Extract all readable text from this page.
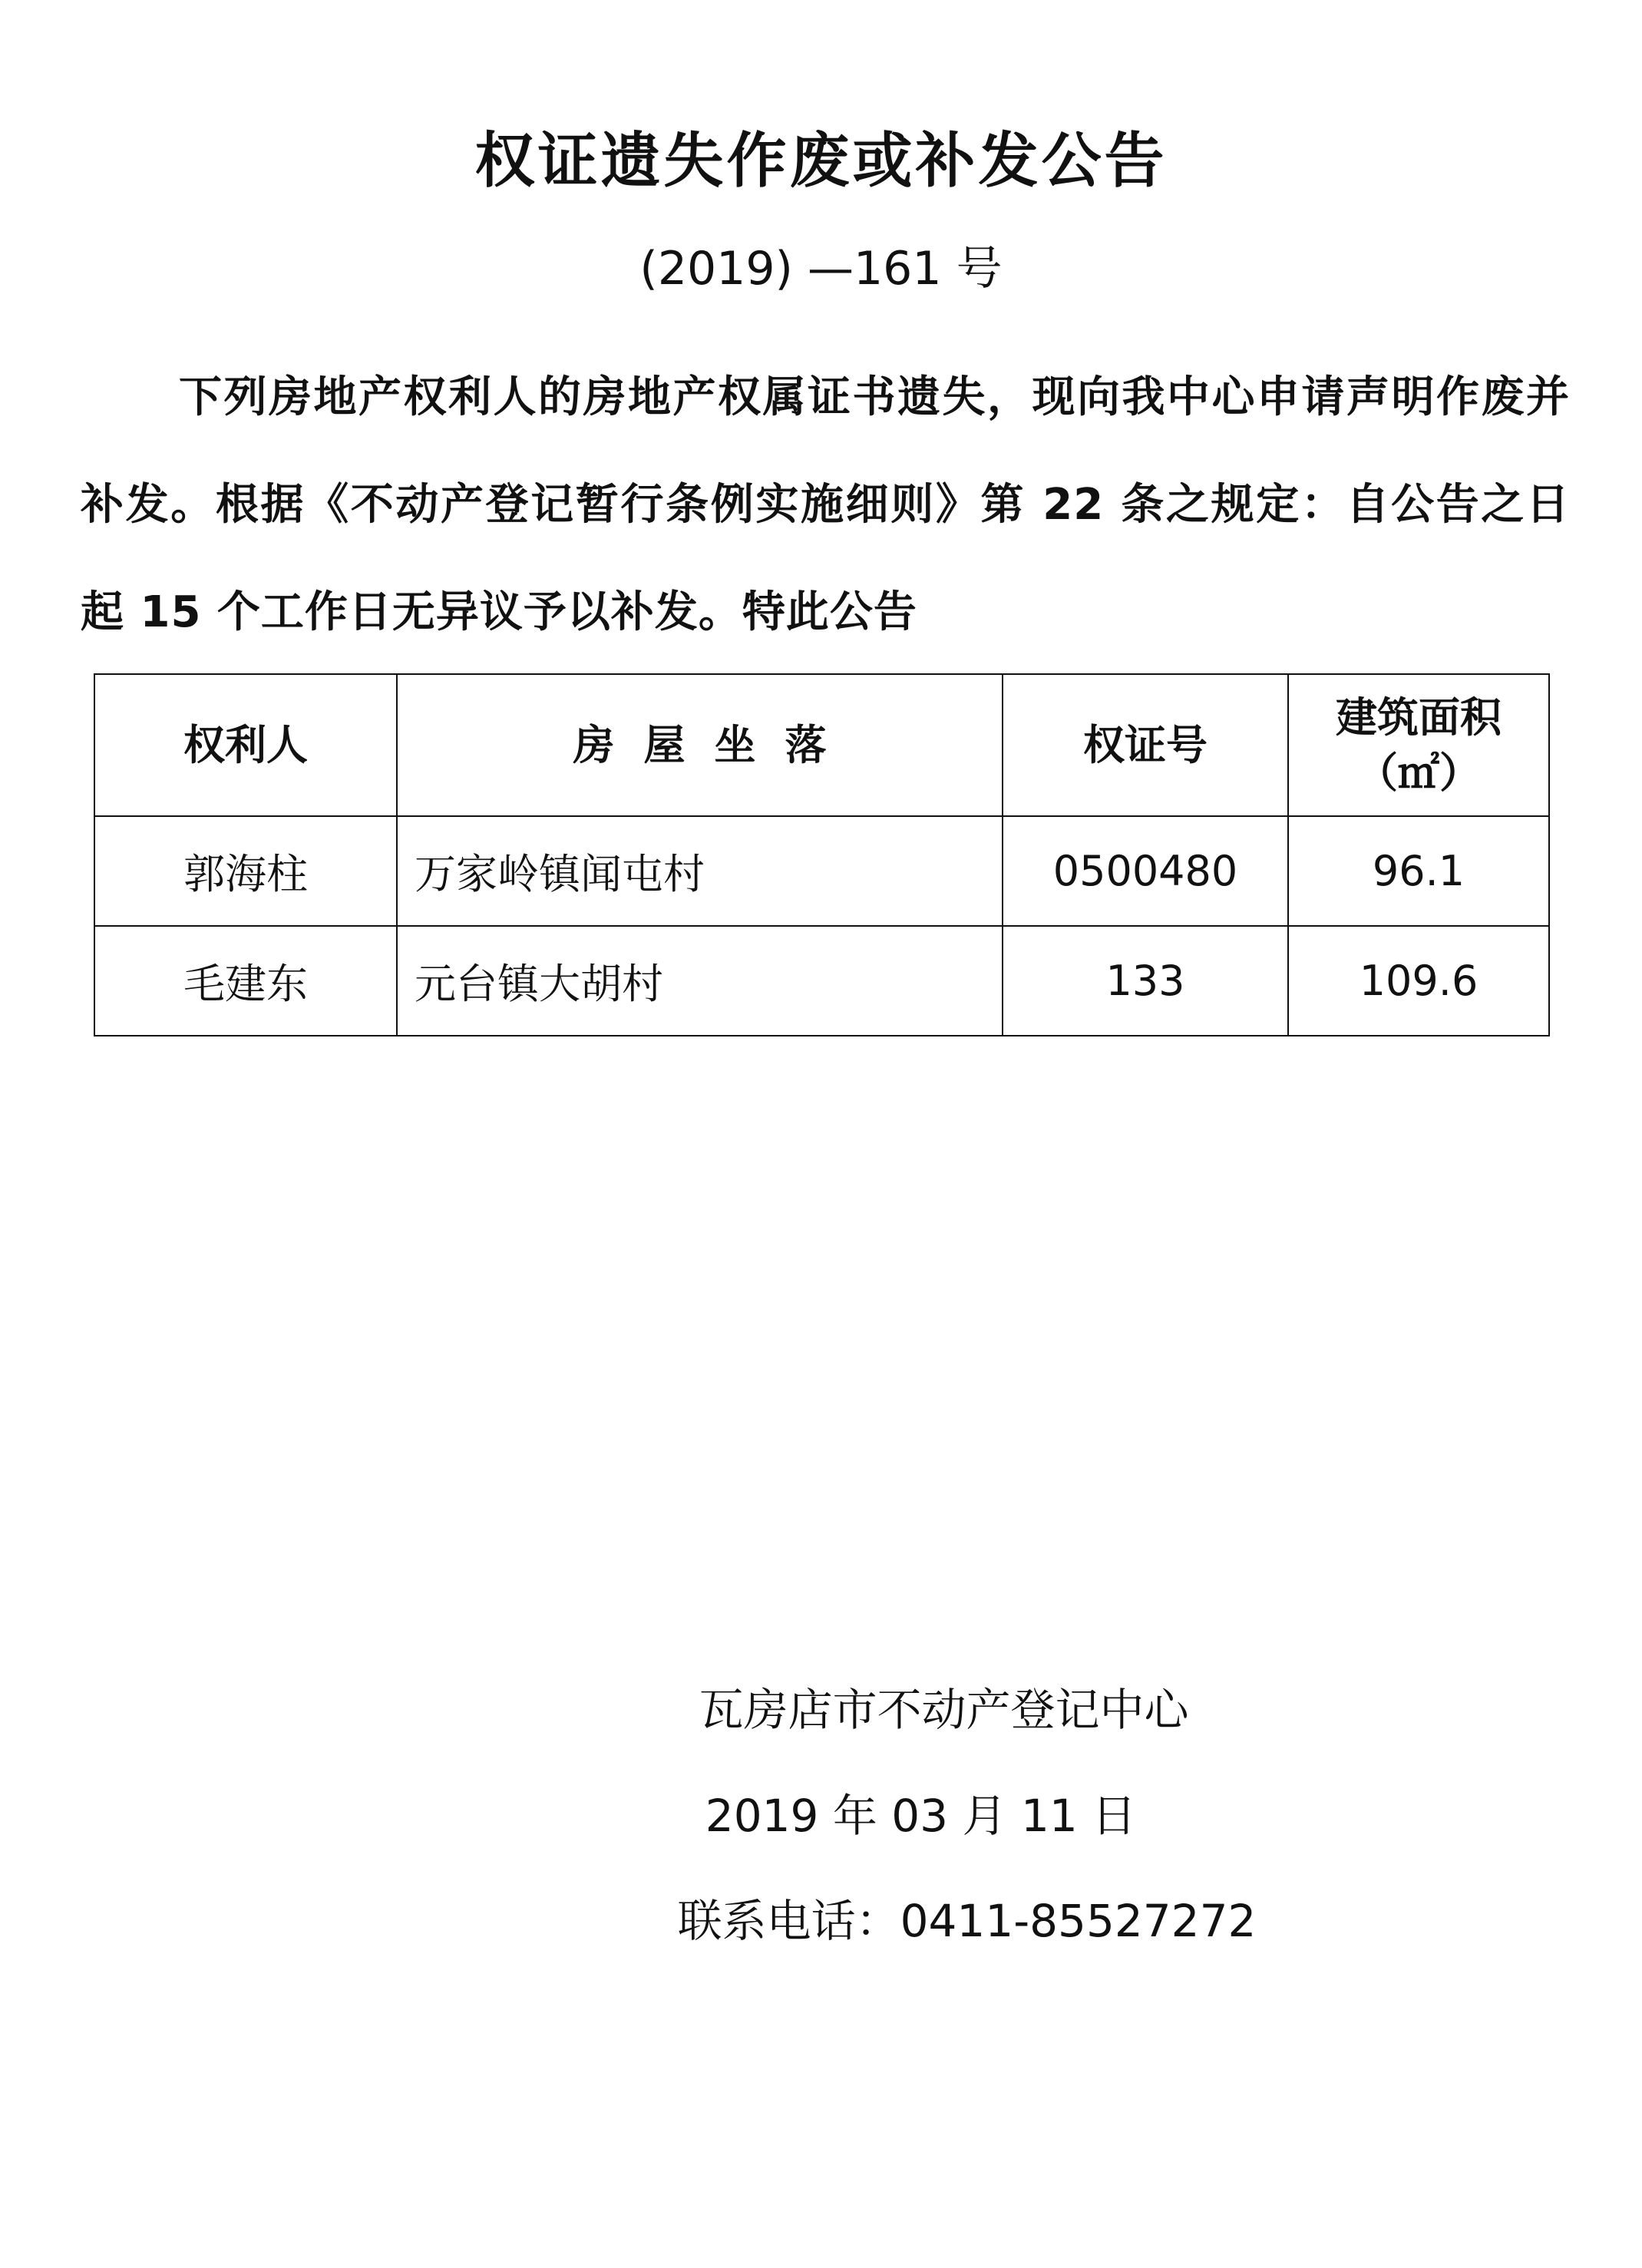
权证遗失作废或补发公告
(2019) —161 号
下列房地产权利人的房地产权属证书遗失，现向我中心申请声明作废并补发。根据《不动产登记暂行条例实施细则》第 22 条之规定：自公告之日起 15 个工作日无异议予以补发。特此公告
权利人	房屋坐落	权证号	建筑面积
（㎡）

郭海柱	万家岭镇闻屯村	0500480	96.1
毛建东	元台镇大胡村	133	109.6
瓦房店市不动产登记中心
2019 年 03 月 11 日
联系电话：0411-85527272
